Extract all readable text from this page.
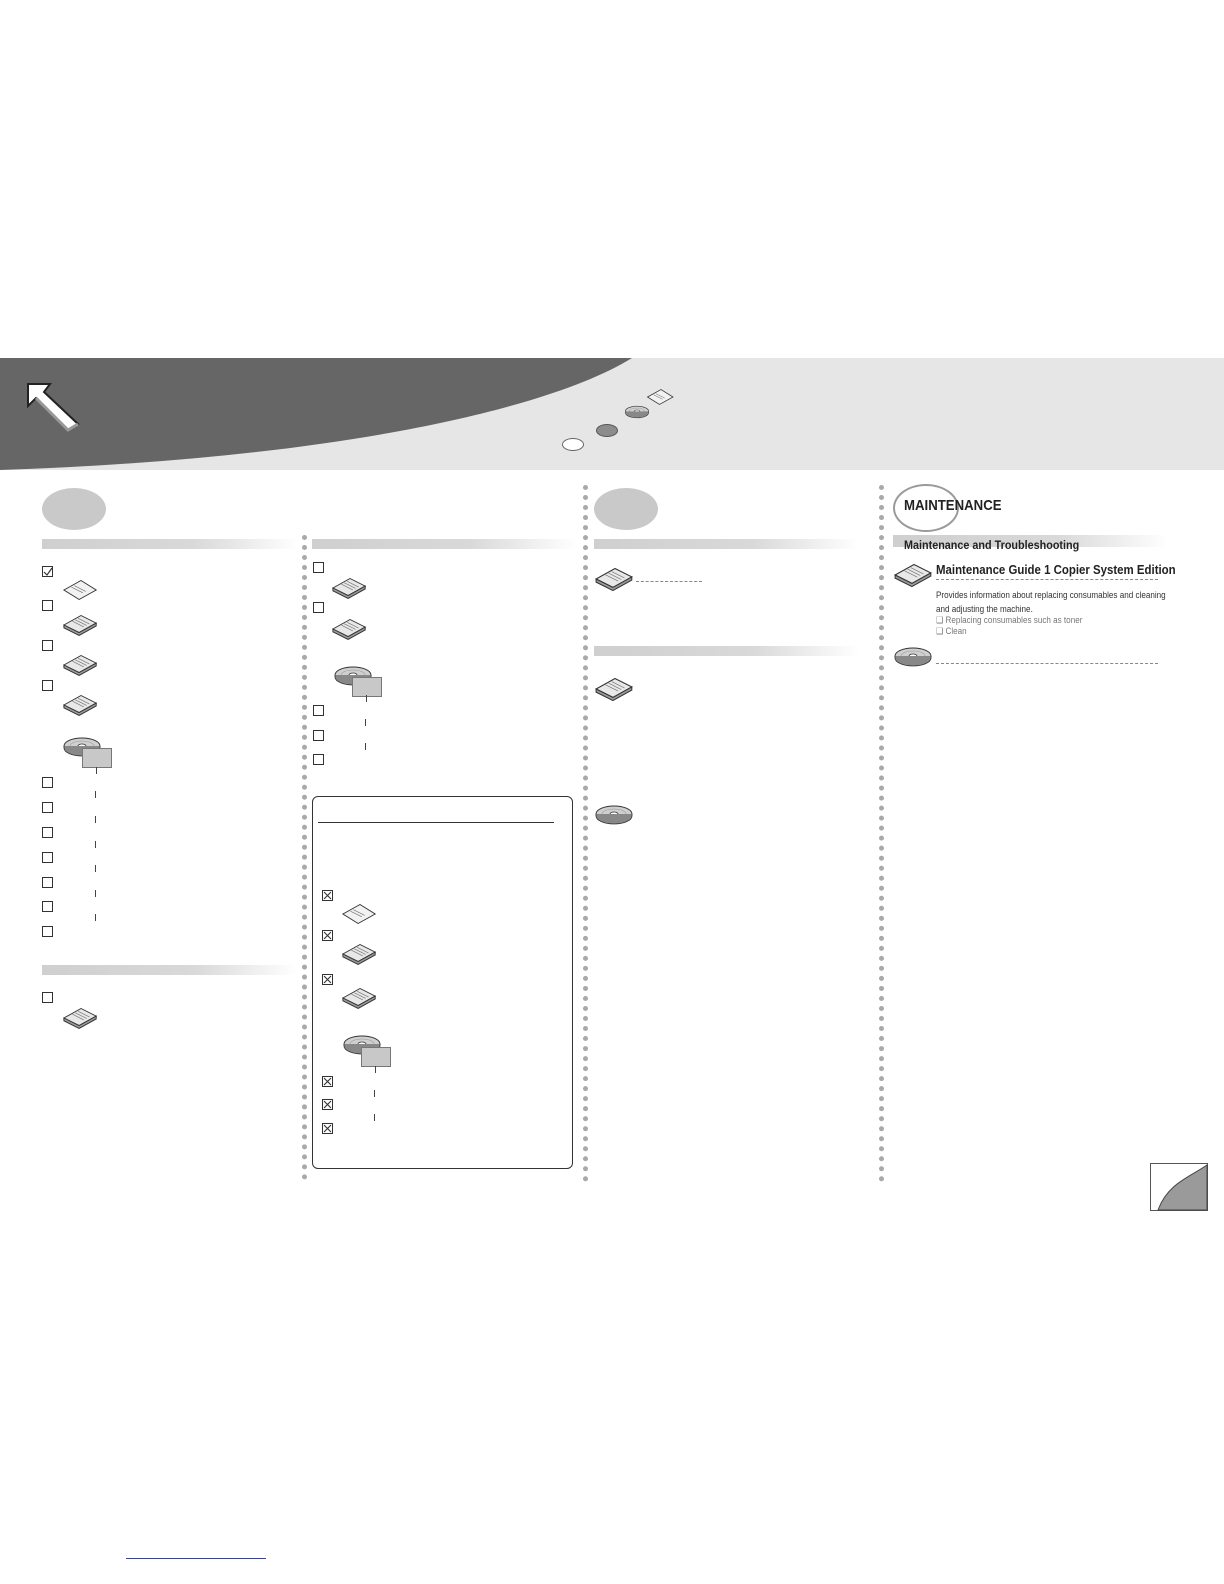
MAINTENANCE
Maintenance and Troubleshooting
Maintenance Guide 1 Copier System Edition
Provides information about replacing consumables and cleaning and adjusting the machine.
❑ Replacing consumables such as toner
❑ Clean
